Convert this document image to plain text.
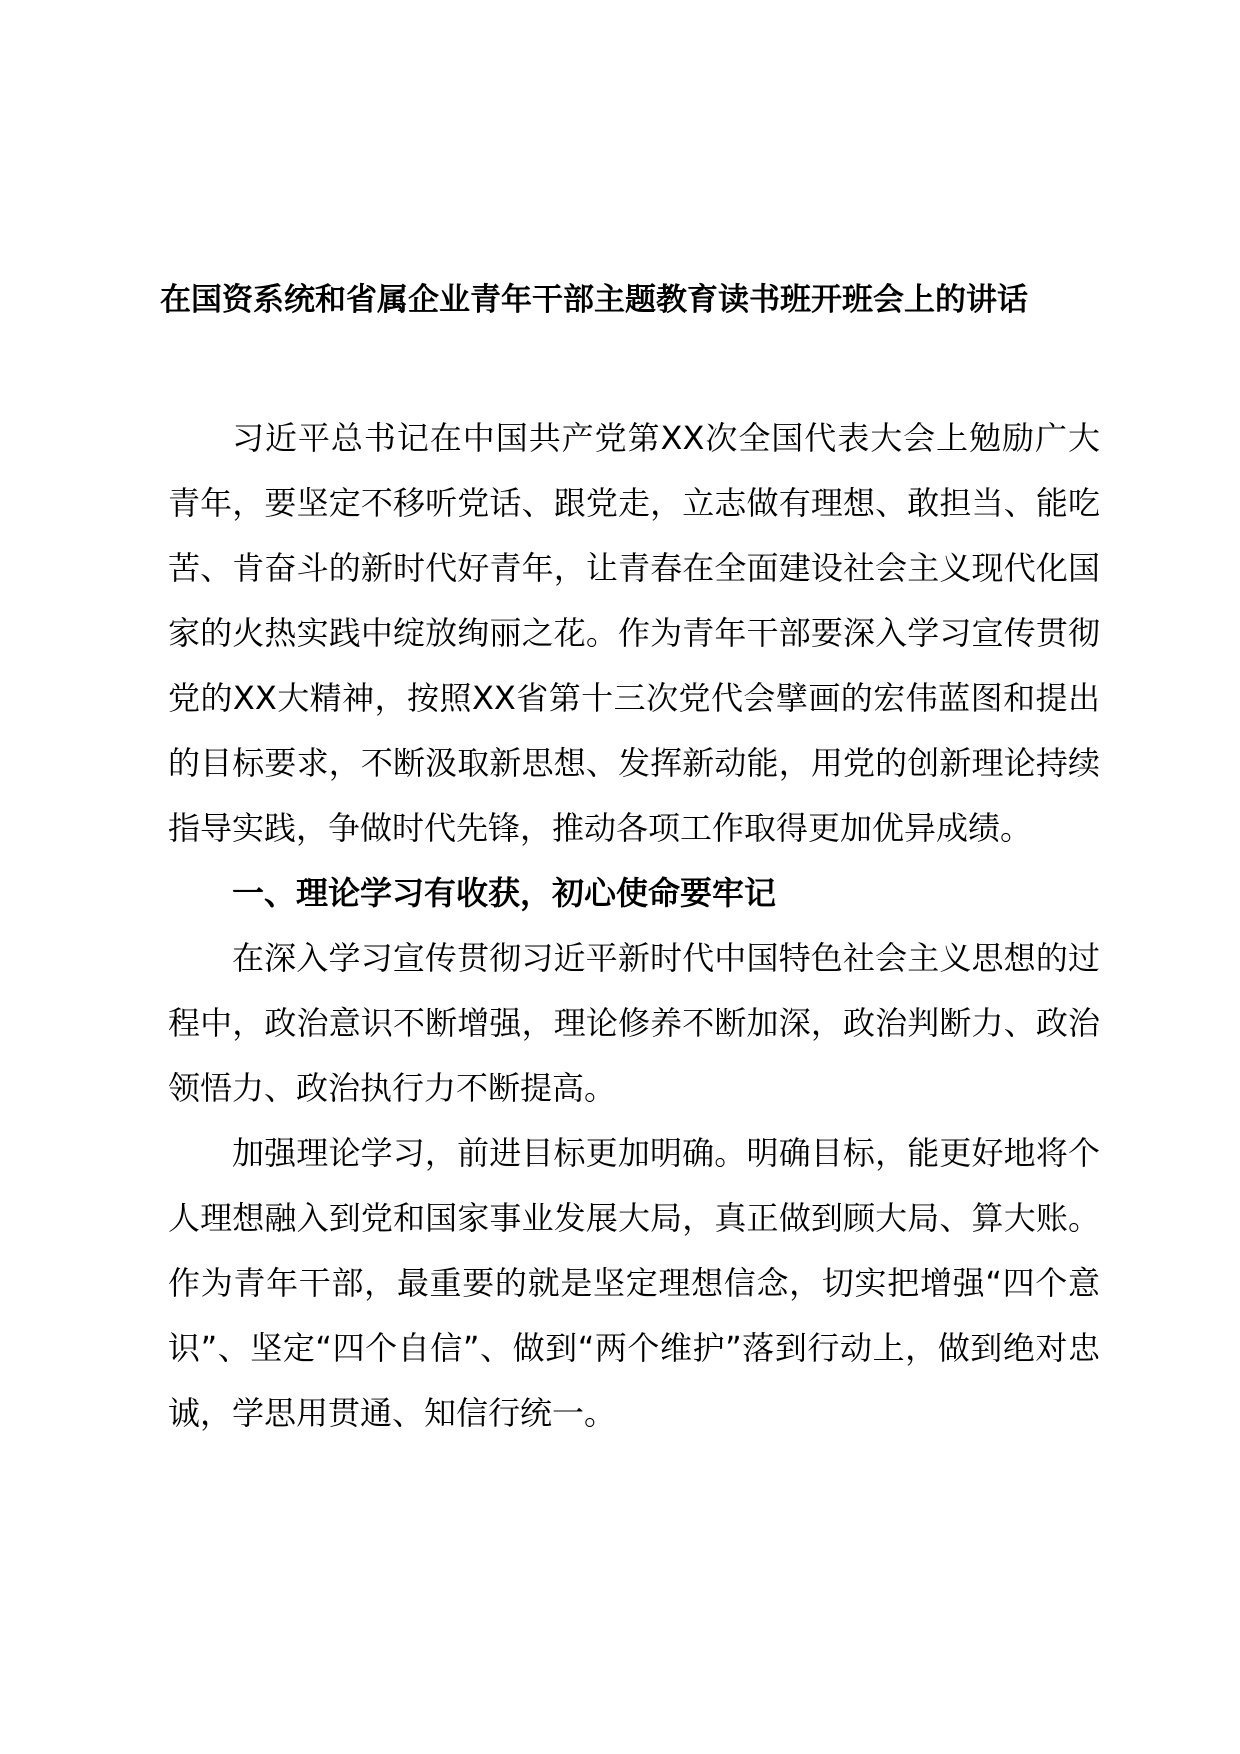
在国资系统和省属企业青年干部主题教育读书班开班会上的讲话

习近平总书记在中国共产党第XX次全国代表大会上勉励广大青年，要坚定不移听党话、跟党走，立志做有理想、敢担当、能吃苦、肯奋斗的新时代好青年，让青春在全面建设社会主义现代化国家的火热实践中绽放绚丽之花。作为青年干部要深入学习宣传贯彻党的XX大精神，按照XX省第十三次党代会擘画的宏伟蓝图和提出的目标要求，不断汲取新思想、发挥新动能，用党的创新理论持续指导实践，争做时代先锋，推动各项工作取得更加优异成绩。

一、理论学习有收获，初心使命要牢记

在深入学习宣传贯彻习近平新时代中国特色社会主义思想的过程中，政治意识不断增强，理论修养不断加深，政治判断力、政治领悟力、政治执行力不断提高。

加强理论学习，前进目标更加明确。明确目标，能更好地将个人理想融入到党和国家事业发展大局，真正做到顾大局、算大账。作为青年干部，最重要的就是坚定理想信念，切实把增强“四个意识”、坚定“四个自信”、做到“两个维护”落到行动上，做到绝对忠诚，学思用贯通、知信行统一。
